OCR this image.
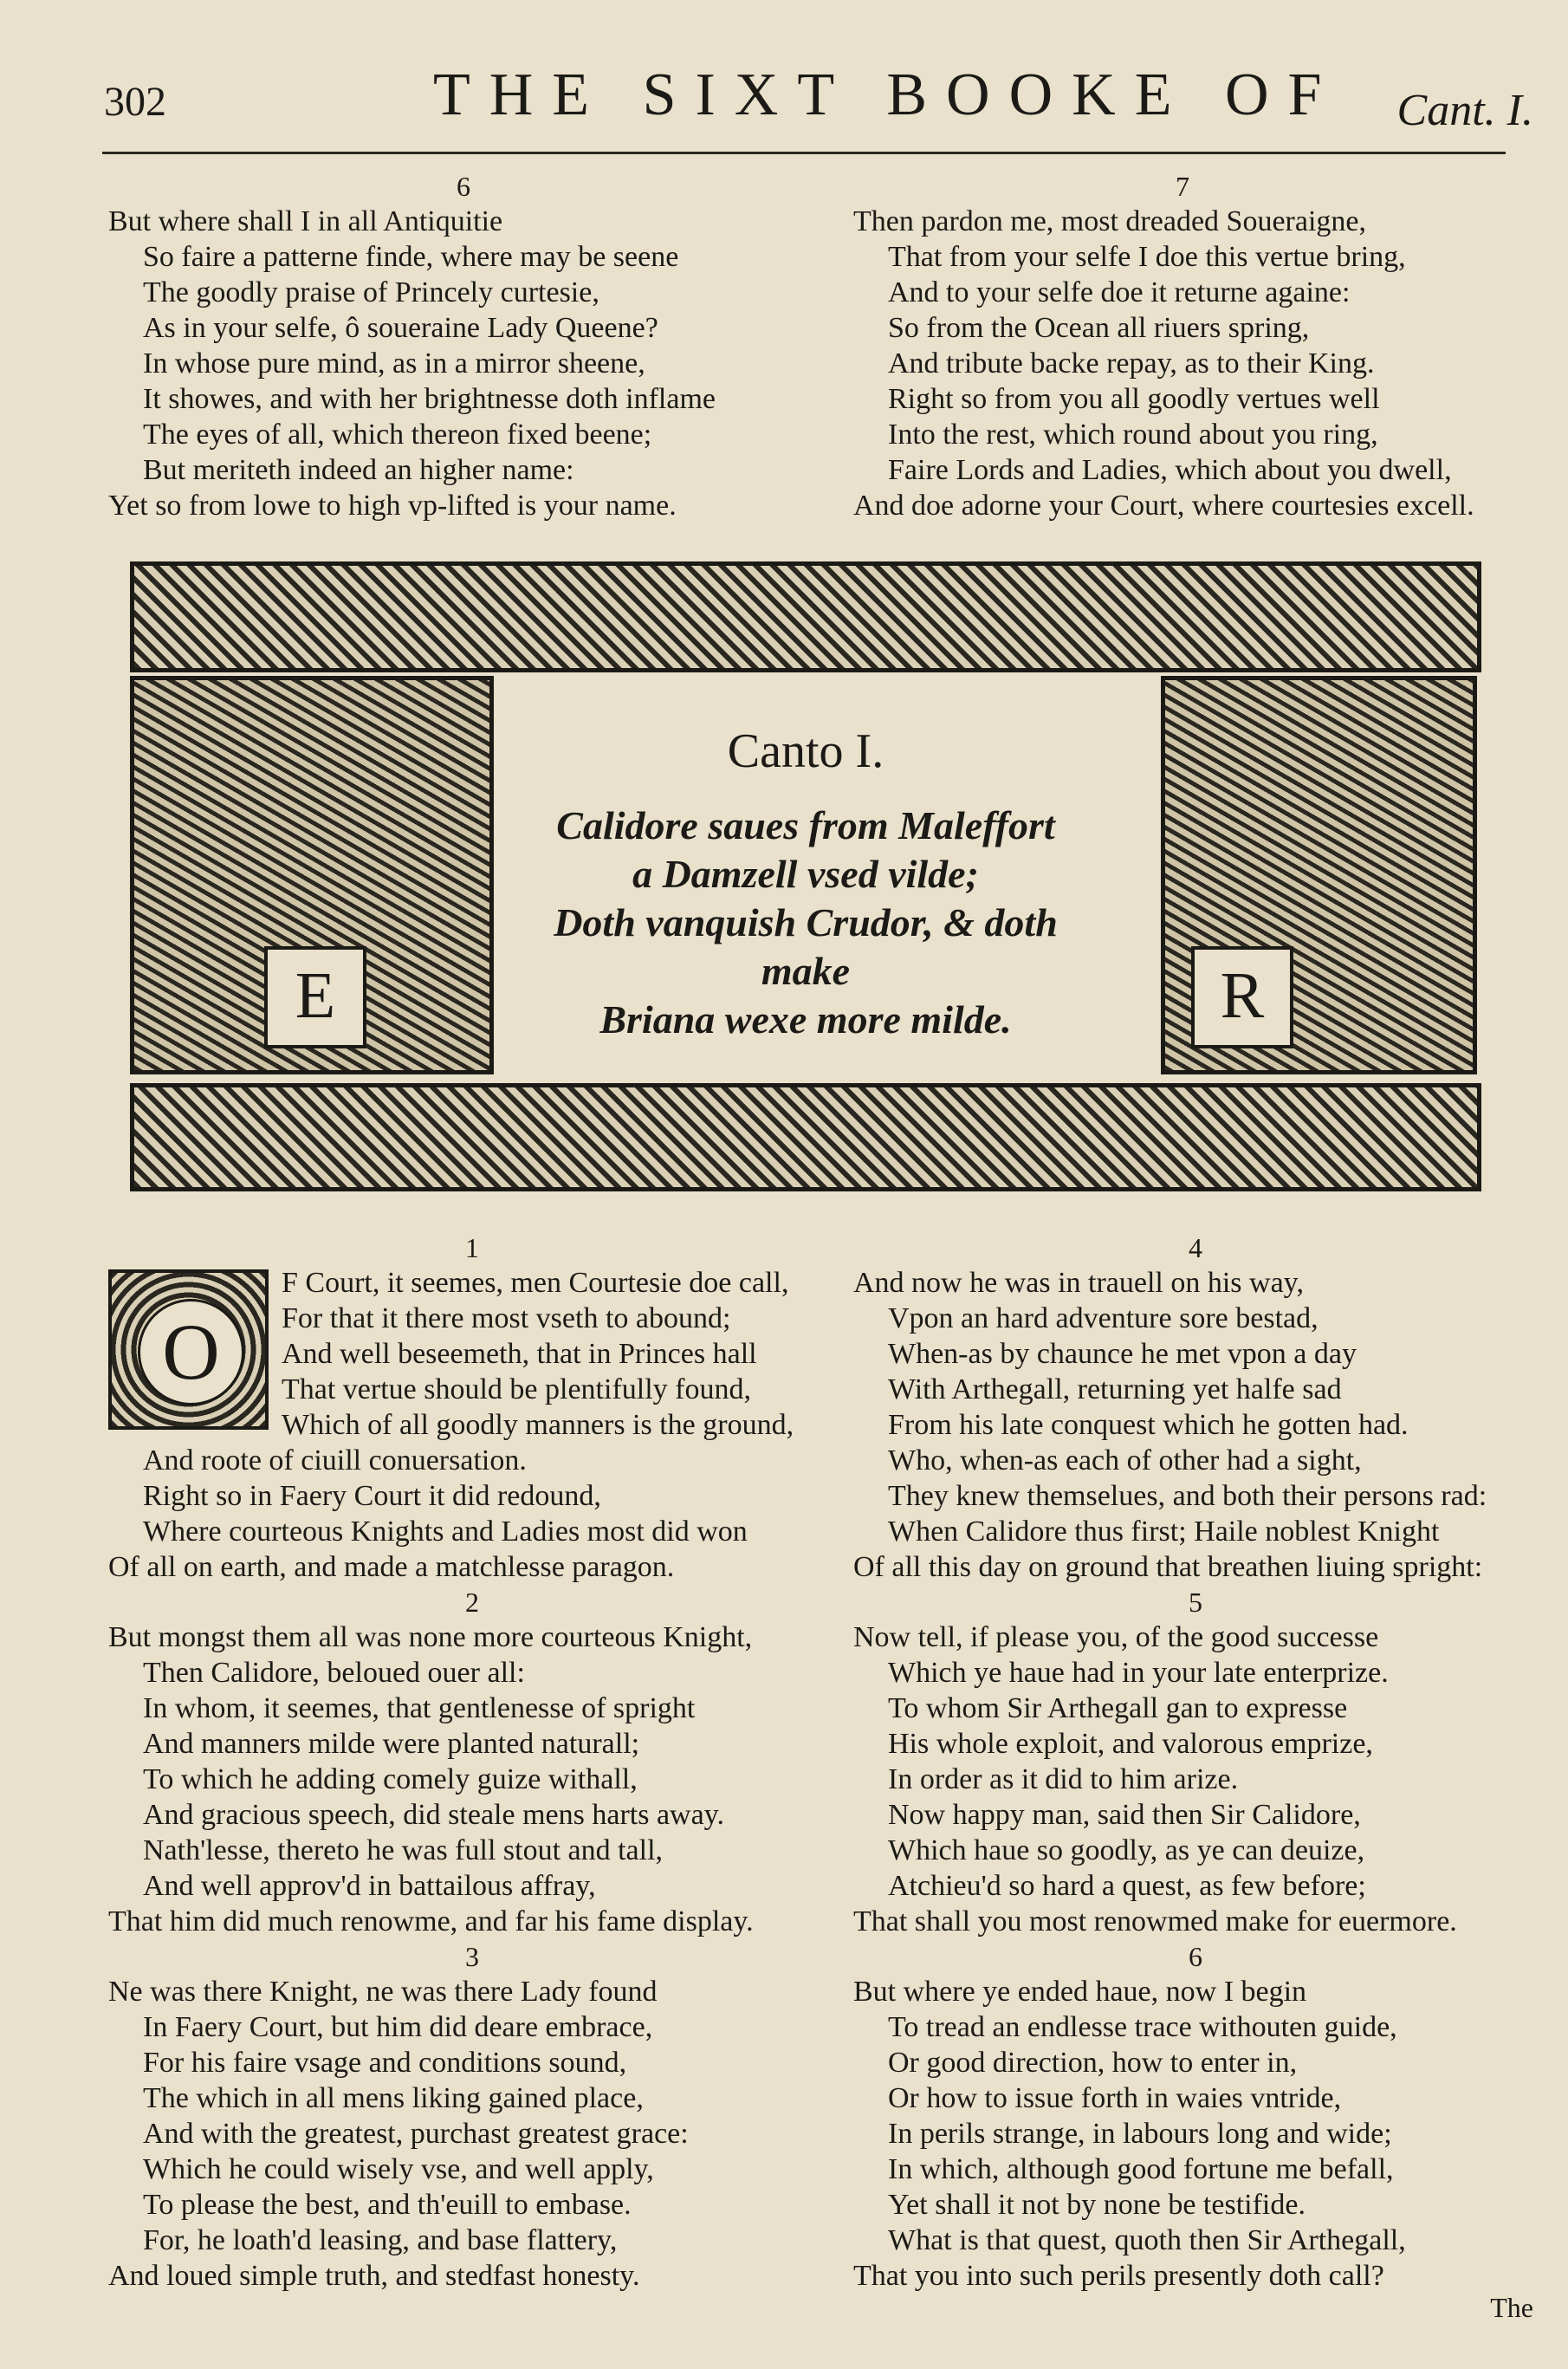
302	THE SIXT BOOKE OF Cant. I.
6
But where shall I in all Antiquitie
So faire a patterne finde, where may be seene
The goodly praise of Princely curtesie,
As in your selfe, ô soueraine Lady Queene?
In whose pure mind, as in a mirror sheene,
It showes, and with her brightnesse doth inflame
The eyes of all, which thereon fixed beene;
But meriteth indeed an higher name:
Yet so from lowe to high vp-lifted is your name.
7
Then pardon me, most dreaded Soueraigne,
That from your selfe I doe this vertue bring,
And to your selfe doe it returne againe:
So from the Ocean all riuers spring,
And tribute backe repay, as to their King.
Right so from you all goodly vertues well
Into the rest, which round about you ring,
Faire Lords and Ladies, which about you dwell,
And doe adorne your Court, where courtesies excell.
E
Canto I.
Calidore saues from Maleffort
a Damzell vsed vilde;
Doth vanquish Crudor, & doth make
Briana wexe more milde.	R
1
F Court, it seemes, men Courtesie doe call,
For that it there most vseth to abound;
And well beseemeth, that in Princes hall
That vertue should be plentifully found,
Which of all goodly manners is the ground,
And roote of ciuill conuersation.
Right so in Faery Court it did redound,
Where courteous Knights and Ladies most did won
Of all on earth, and made a matchlesse paragon.
2
But mongst them all was none more courteous Knight,
Then Calidore, beloued ouer all:
In whom, it seemes, that gentlenesse of spright
And manners milde were planted naturall;
To which he adding comely guize withall,
And gracious speech, did steale mens harts away.
Nath'lesse, thereto he was full stout and tall,
And well approv'd in battailous affray,
That him did much renowme, and far his fame display.
3
Ne was there Knight, ne was there Lady found
In Faery Court, but him did deare embrace,
For his faire vsage and conditions sound,
The which in all mens liking gained place,
And with the greatest, purchast greatest grace:
Which he could wisely vse, and well apply,
To please the best, and th'euill to embase.
For, he loath'd leasing, and base flattery,
And loued simple truth, and stedfast honesty.
O
4
And now he was in trauell on his way,
Vpon an hard adventure sore bestad,
When-as by chaunce he met vpon a day
With Arthegall, returning yet halfe sad
From his late conquest which he gotten had.
Who, when-as each of other had a sight,
They knew themselues, and both their persons rad:
When Calidore thus first; Haile noblest Knight
Of all this day on ground that breathen liuing spright:
5
Now tell, if please you, of the good successe
Which ye haue had in your late enterprize.
To whom Sir Arthegall gan to expresse
His whole exploit, and valorous emprize,
In order as it did to him arize.
Now happy man, said then Sir Calidore,
Which haue so goodly, as ye can deuize,
Atchieu'd so hard a quest, as few before;
That shall you most renowmed make for euermore.
6
But where ye ended haue, now I begin
To tread an endlesse trace withouten guide,
Or good direction, how to enter in,
Or how to issue forth in waies vntride,
In perils strange, in labours long and wide;
In which, although good fortune me befall,
Yet shall it not by none be testifide.
What is that quest, quoth then Sir Arthegall,
That you into such perils presently doth call?
The
